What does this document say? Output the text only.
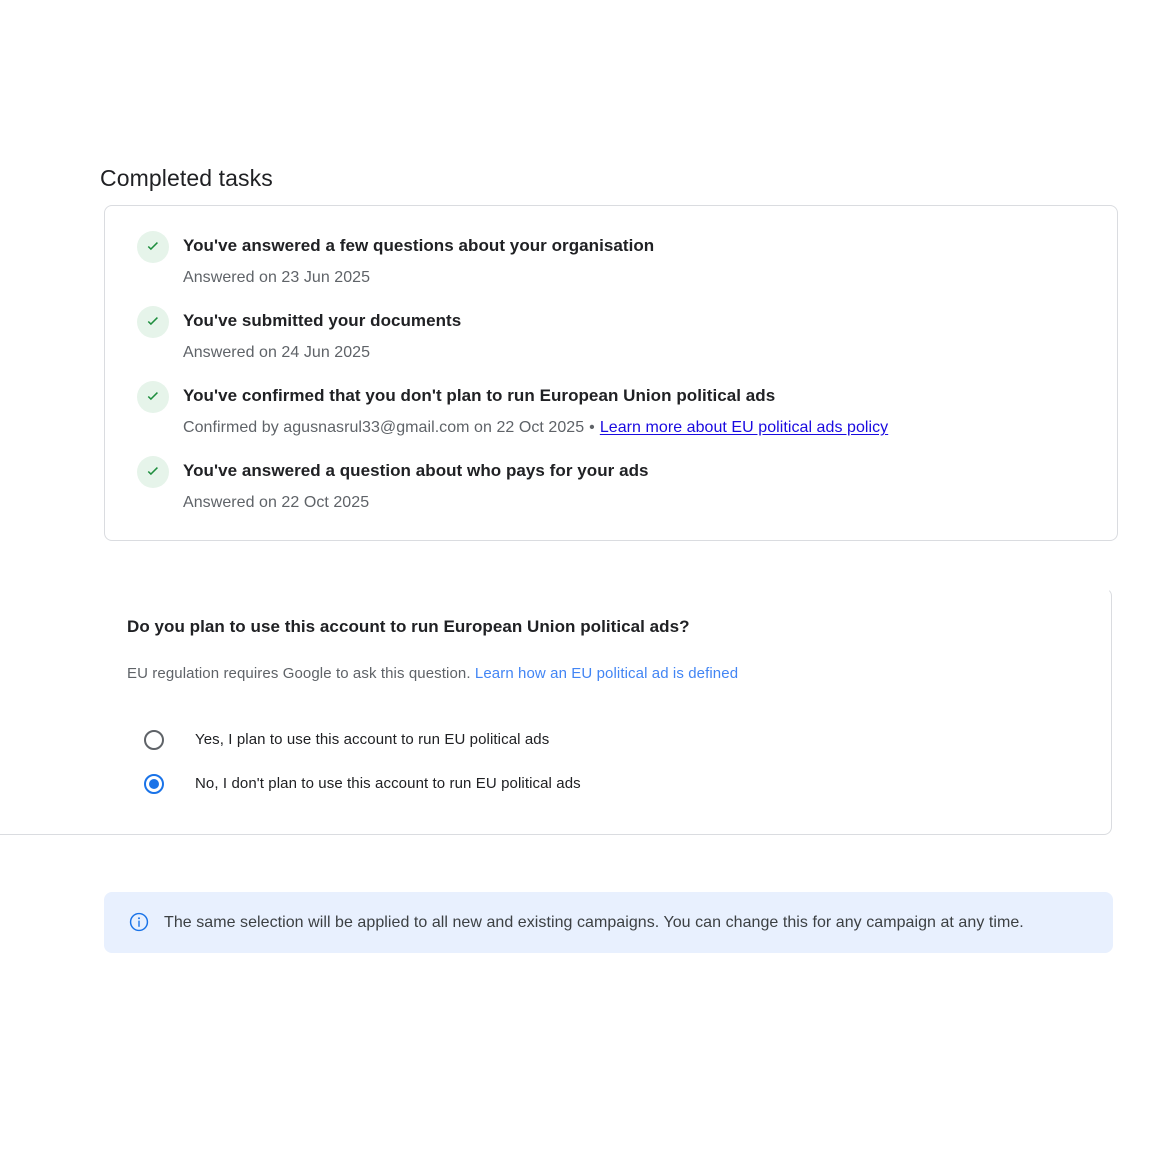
Completed tasks
You've answered a few questions about your organisation
Answered on 23 Jun 2025
You've submitted your documents
Answered on 24 Jun 2025
You've confirmed that you don't plan to run European Union political ads
Confirmed by agusnasrul33@gmail.com on 22 Oct 2025 • Learn more about EU political ads policy
You've answered a question about who pays for your ads
Answered on 22 Oct 2025
Do you plan to use this account to run European Union political ads?
EU regulation requires Google to ask this question. Learn how an EU political ad is defined
Yes, I plan to use this account to run EU political ads
No, I don't plan to use this account to run EU political ads
The same selection will be applied to all new and existing campaigns. You can change this for any campaign at any time.
